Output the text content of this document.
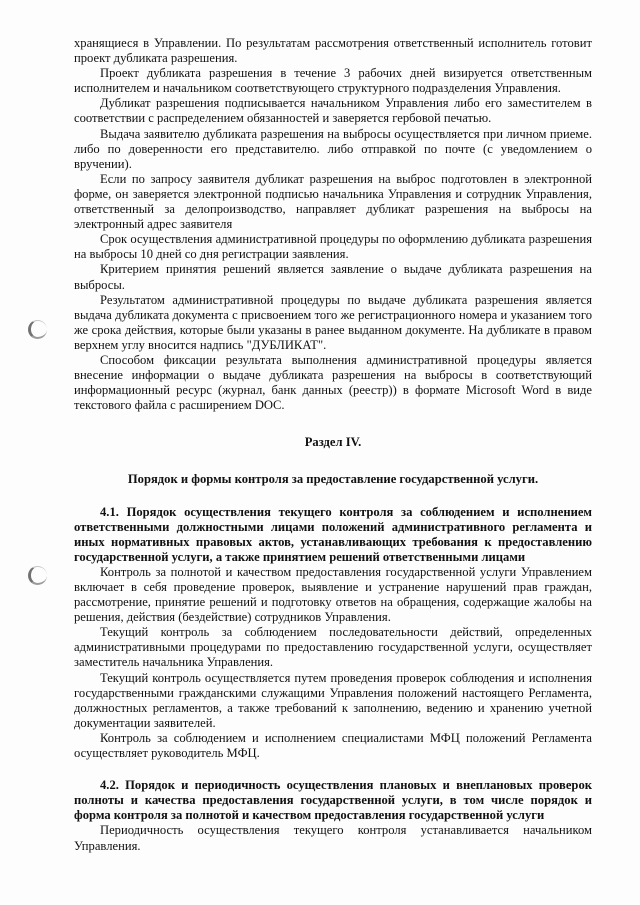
хранящиеся в Управлении. По результатам рассмотрения ответственный исполнитель готовит проект дубликата разрешения.

Проект дубликата разрешения в течение 3 рабочих дней визируется ответственным исполнителем и начальником соответствующего структурного подразделения Управления.

Дубликат разрешения подписывается начальником Управления либо его заместителем в соответствии с распределением обязанностей и заверяется гербовой печатью.

Выдача заявителю дубликата разрешения на выбросы осуществляется при личном приеме. либо по доверенности его представителю. либо отправкой по почте (с уведомлением о вручении).

Если по запросу заявителя дубликат разрешения на выброс подготовлен в электронной форме, он заверяется электронной подписью начальника Управления и сотрудник Управления, ответственный за делопроизводство, направляет дубликат разрешения на выбросы на электронный адрес заявителя

Срок осуществления административной процедуры по оформлению дубликата разрешения на выбросы 10 дней со дня регистрации заявления.

Критерием принятия решений является заявление о выдаче дубликата разрешения на выбросы.

Результатом административной процедуры по выдаче дубликата разрешения является выдача дубликата документа с присвоением того же регистрационного номера и указанием того же срока действия, которые были указаны в ранее выданном документе. На дубликате в правом верхнем углу вносится надпись "ДУБЛИКАТ".

Способом фиксации результата выполнения административной процедуры является внесение информации о выдаче дубликата разрешения на выбросы в соответствующий информационный ресурс (журнал, банк данных (реестр)) в формате Microsoft Word в виде текстового файла с расширением DOC.

Раздел IV.

Порядок и формы контроля за предоставление государственной услуги.

4.1. Порядок осуществления текущего контроля за соблюдением и исполнением ответственными должностными лицами положений административного регламента и иных нормативных правовых актов, устанавливающих требования к предоставлению государственной услуги, а также принятием решений ответственными лицами

Контроль за полнотой и качеством предоставления государственной услуги Управлением включает в себя проведение проверок, выявление и устранение нарушений прав граждан, рассмотрение, принятие решений и подготовку ответов на обращения, содержащие жалобы на решения, действия (бездействие) сотрудников Управления.

Текущий контроль за соблюдением последовательности действий, определенных административными процедурами по предоставлению государственной услуги, осуществляет заместитель начальника Управления.

Текущий контроль осуществляется путем проведения проверок соблюдения и исполнения государственными гражданскими служащими Управления положений настоящего Регламента, должностных регламентов, а также требований к заполнению, ведению и хранению учетной документации заявителей.

Контроль за соблюдением и исполнением специалистами МФЦ положений Регламента осуществляет руководитель МФЦ.

4.2. Порядок и периодичность осуществления плановых и внеплановых проверок полноты и качества предоставления государственной услуги, в том числе порядок и форма контроля за полнотой и качеством предоставления государственной услуги

Периодичность осуществления текущего контроля устанавливается начальником Управления.
